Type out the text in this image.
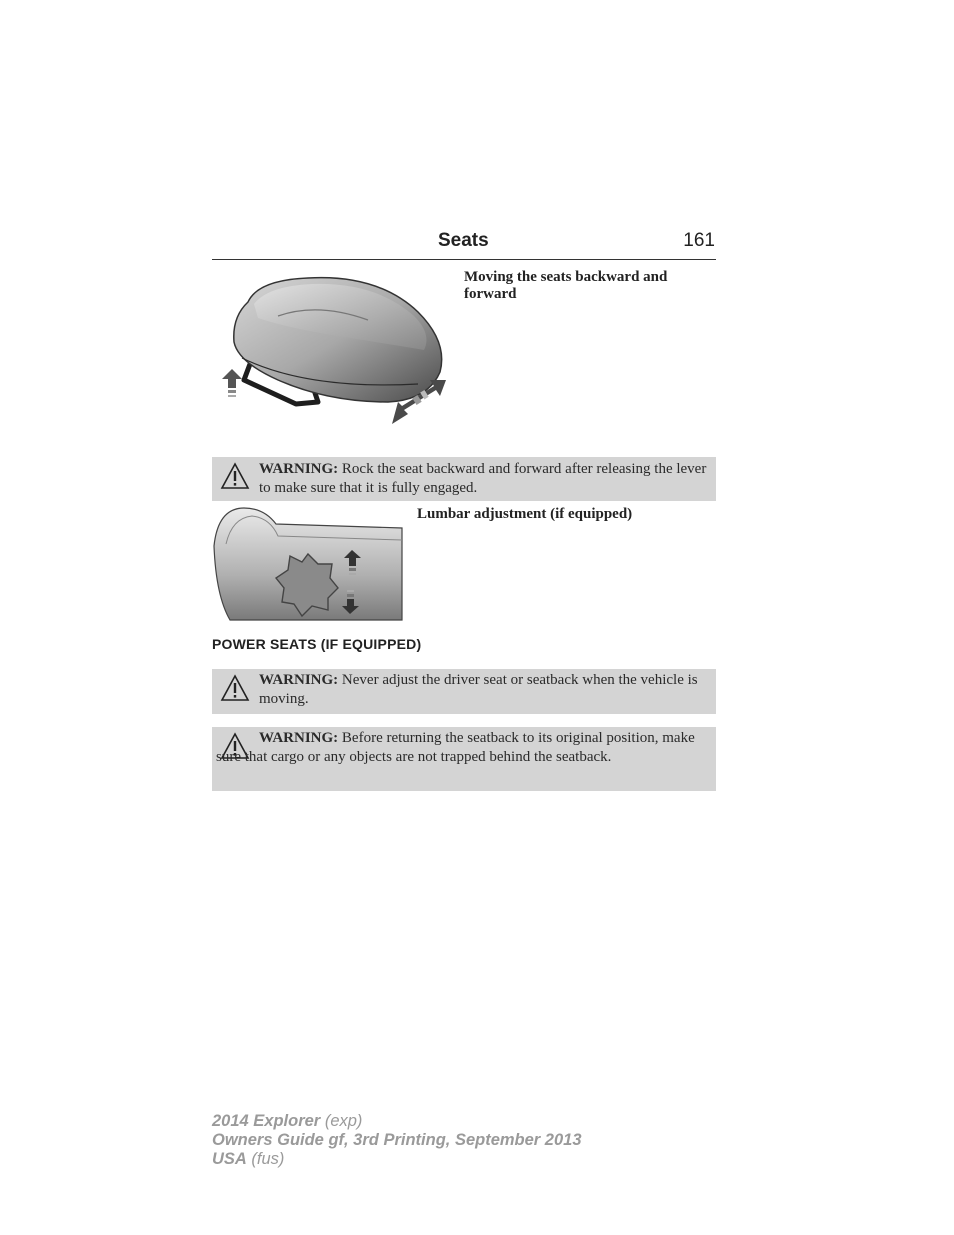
Seats	161
Moving the seats backward and forward
WARNING: Rock the seat backward and forward after releasing the lever to make sure that it is fully engaged.
Lumbar adjustment (if equipped)
POWER SEATS (IF EQUIPPED)
WARNING: Never adjust the driver seat or seatback when the vehicle is moving.
WARNING: Before returning the seatback to its original position, make sure that cargo or any objects are not trapped behind the seatback.
2014 Explorer (exp)
Owners Guide gf, 3rd Printing, September 2013
USA (fus)
